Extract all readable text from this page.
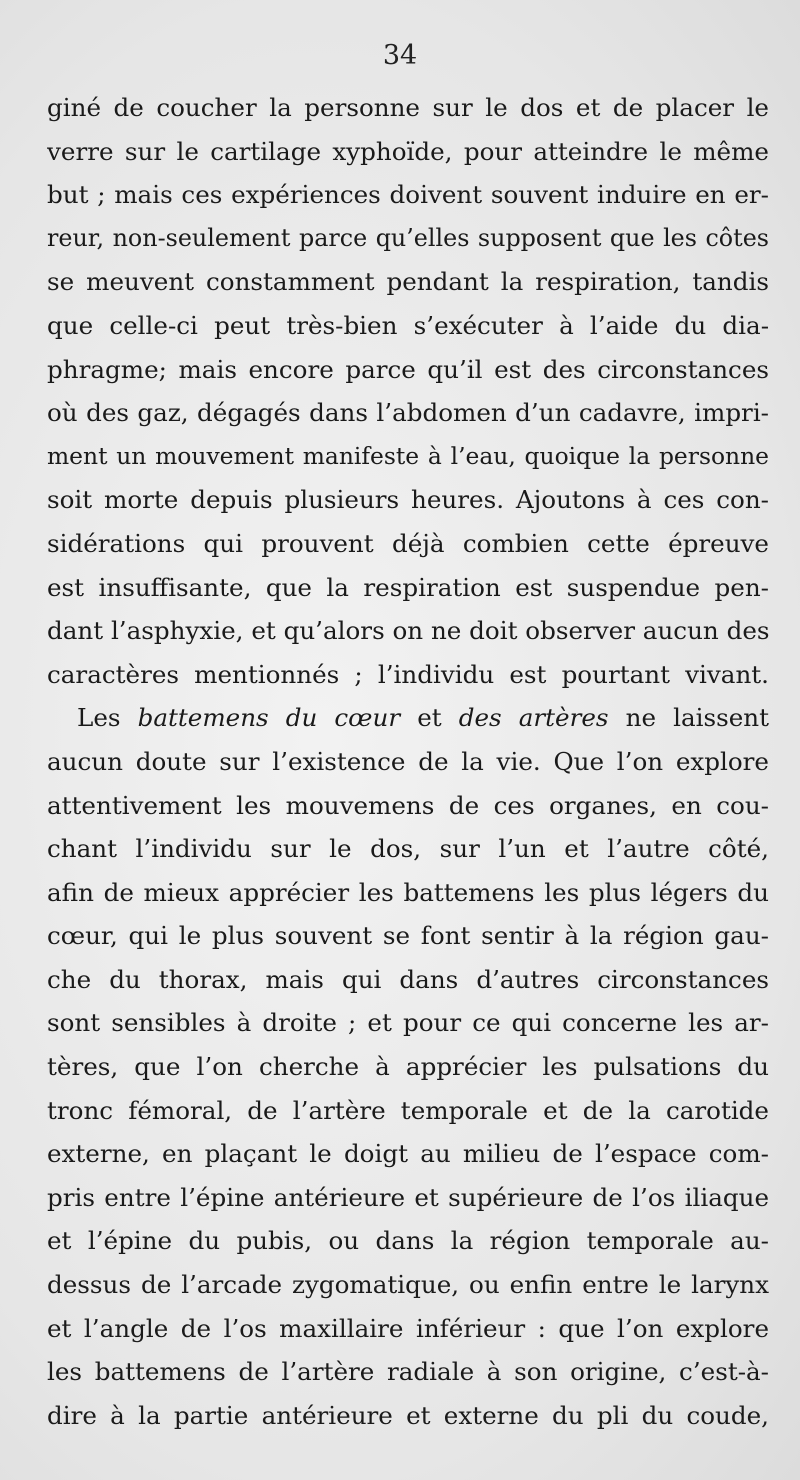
34
giné de coucher la personne sur le dos et de placer le
verre sur le cartilage xyphoïde, pour atteindre le même
but ; mais ces expériences doivent souvent induire en er-
reur, non-seulement parce qu’elles supposent que les côtes
se meuvent constamment pendant la respiration, tandis
que celle-ci peut très-bien s’exécuter à l’aide du dia-
phragme; mais encore parce qu’il est des circonstances
où des gaz, dégagés dans l’abdomen d’un cadavre, impri-
ment un mouvement manifeste à l’eau, quoique la personne
soit morte depuis plusieurs heures. Ajoutons à ces con-
sidérations qui prouvent déjà combien cette épreuve
est insuffisante, que la respiration est suspendue pen-
dant l’asphyxie, et qu’alors on ne doit observer aucun des
caractères mentionnés ; l’individu est pourtant vivant.
Les battemens du cœur et des artères ne laissent
aucun doute sur l’existence de la vie. Que l’on explore
attentivement les mouvemens de ces organes, en cou-
chant l’individu sur le dos, sur l’un et l’autre côté,
afin de mieux apprécier les battemens les plus légers du
cœur, qui le plus souvent se font sentir à la région gau-
che du thorax, mais qui dans d’autres circonstances
sont sensibles à droite ; et pour ce qui concerne les ar-
tères, que l’on cherche à apprécier les pulsations du
tronc fémoral, de l’artère temporale et de la carotide
externe, en plaçant le doigt au milieu de l’espace com-
pris entre l’épine antérieure et supérieure de l’os iliaque
et l’épine du pubis, ou dans la région temporale au-
dessus de l’arcade zygomatique, ou enfin entre le larynx
et l’angle de l’os maxillaire inférieur : que l’on explore
les battemens de l’artère radiale à son origine, c’est-à-
dire à la partie antérieure et externe du pli du coude,
